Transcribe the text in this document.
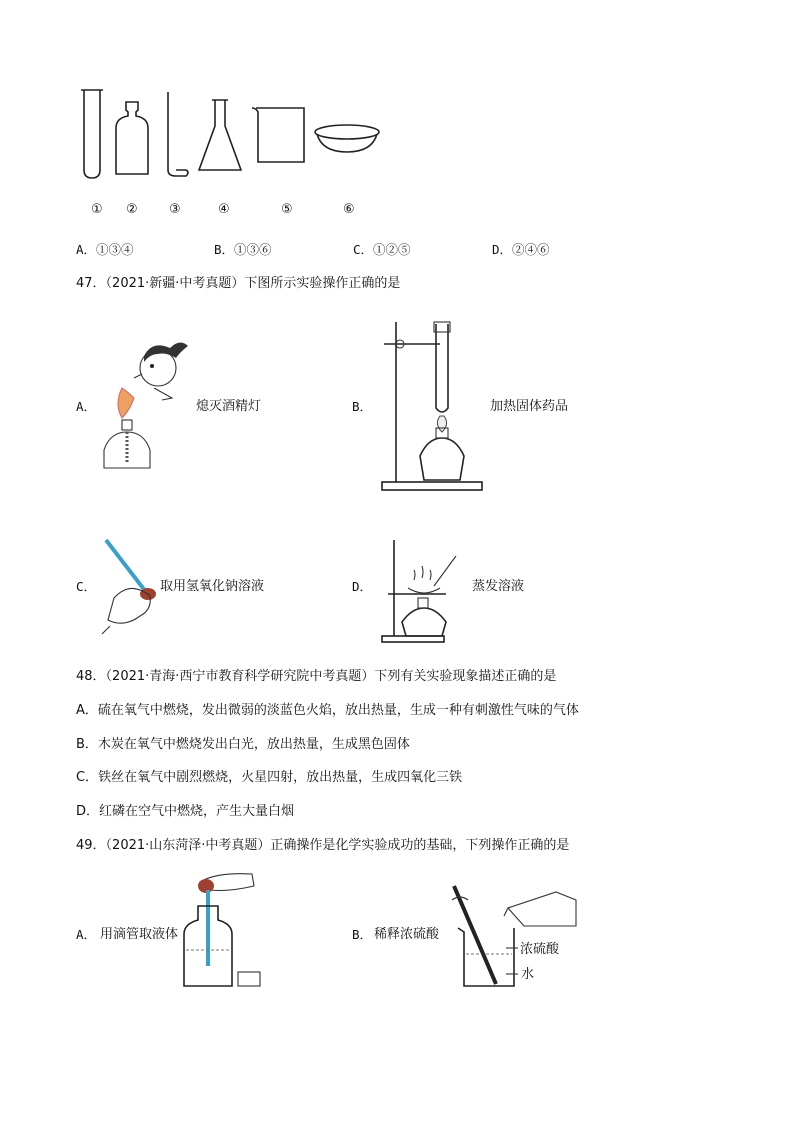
① ② ③	④	⑤	⑥
A．①③④	B．①③⑥	C．①②⑤	D．②④⑥
47．（2021·新疆·中考真题）下图所示实验操作正确的是
A．	熄灭酒精灯	B．	加热固体药品
C．	取用氢氧化钠溶液	D．	蒸发溶液
48．（2021·青海·西宁市教育科学研究院中考真题）下列有关实验现象描述正确的是
A．硫在氧气中燃烧，发出微弱的淡蓝色火焰，放出热量，生成一种有刺激性气味的气体
B．木炭在氧气中燃烧发出白光，放出热量，生成黑色固体
C．铁丝在氧气中剧烈燃烧，火星四射，放出热量，生成四氧化三铁
D．红磷在空气中燃烧，产生大量白烟
49．（2021·山东菏泽·中考真题）正确操作是化学实验成功的基础，下列操作正确的是
A． 用滴管取液体	B． 稀释浓硫酸
浓硫酸
水
